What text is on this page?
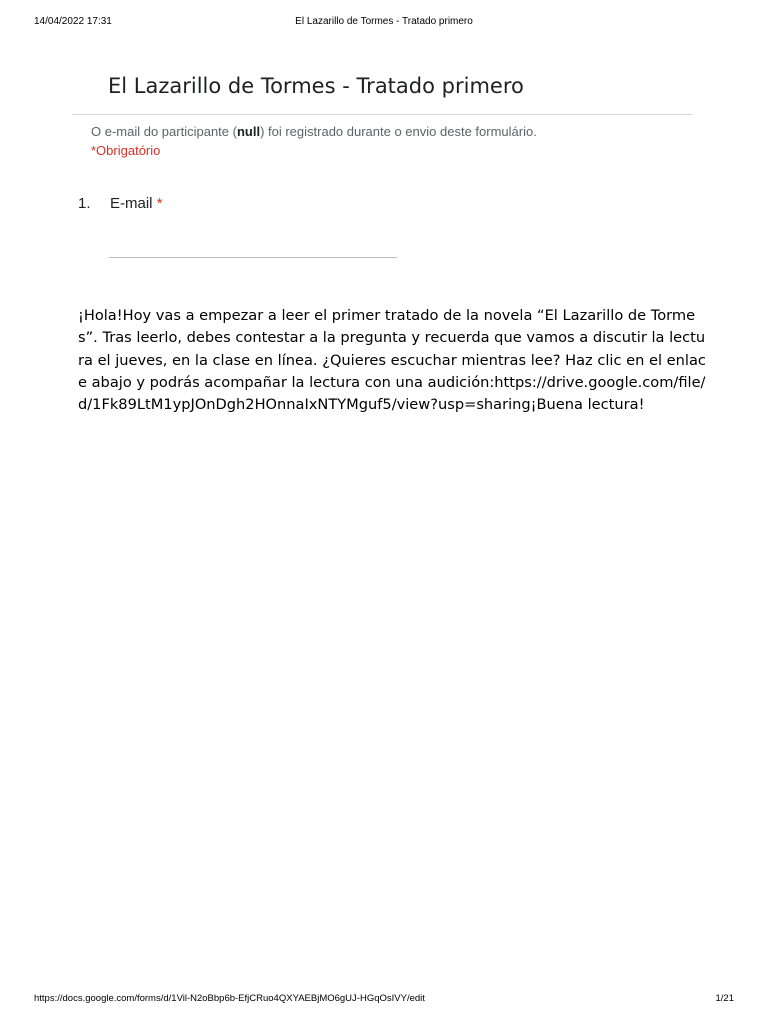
14/04/2022 17:31	El Lazarillo de Tormes - Tratado primero
El Lazarillo de Tormes - Tratado primero
O e-mail do participante (null) foi registrado durante o envio deste formulário.
*Obrigatório
1. E-mail *
¡Hola!Hoy vas a empezar a leer el primer tratado de la novela “El Lazarillo de Tormes”. Tras leerlo, debes contestar a la pregunta y recuerda que vamos a discutir la lectura el jueves, en la clase en línea. ¿Quieres escuchar mientras lee? Haz clic en el enlace abajo y podrás acompañar la lectura con una audición:https://drive.google.com/file/d/1Fk89LtM1ypJOnDgh2HOnnaIxNTYMguf5/view?usp=sharing¡Buena lectura!
https://docs.google.com/forms/d/1Vil-N2oBbp6b-EfjCRuo4QXYAEBjMO6gUJ-HGqOsIVY/edit	1/21
